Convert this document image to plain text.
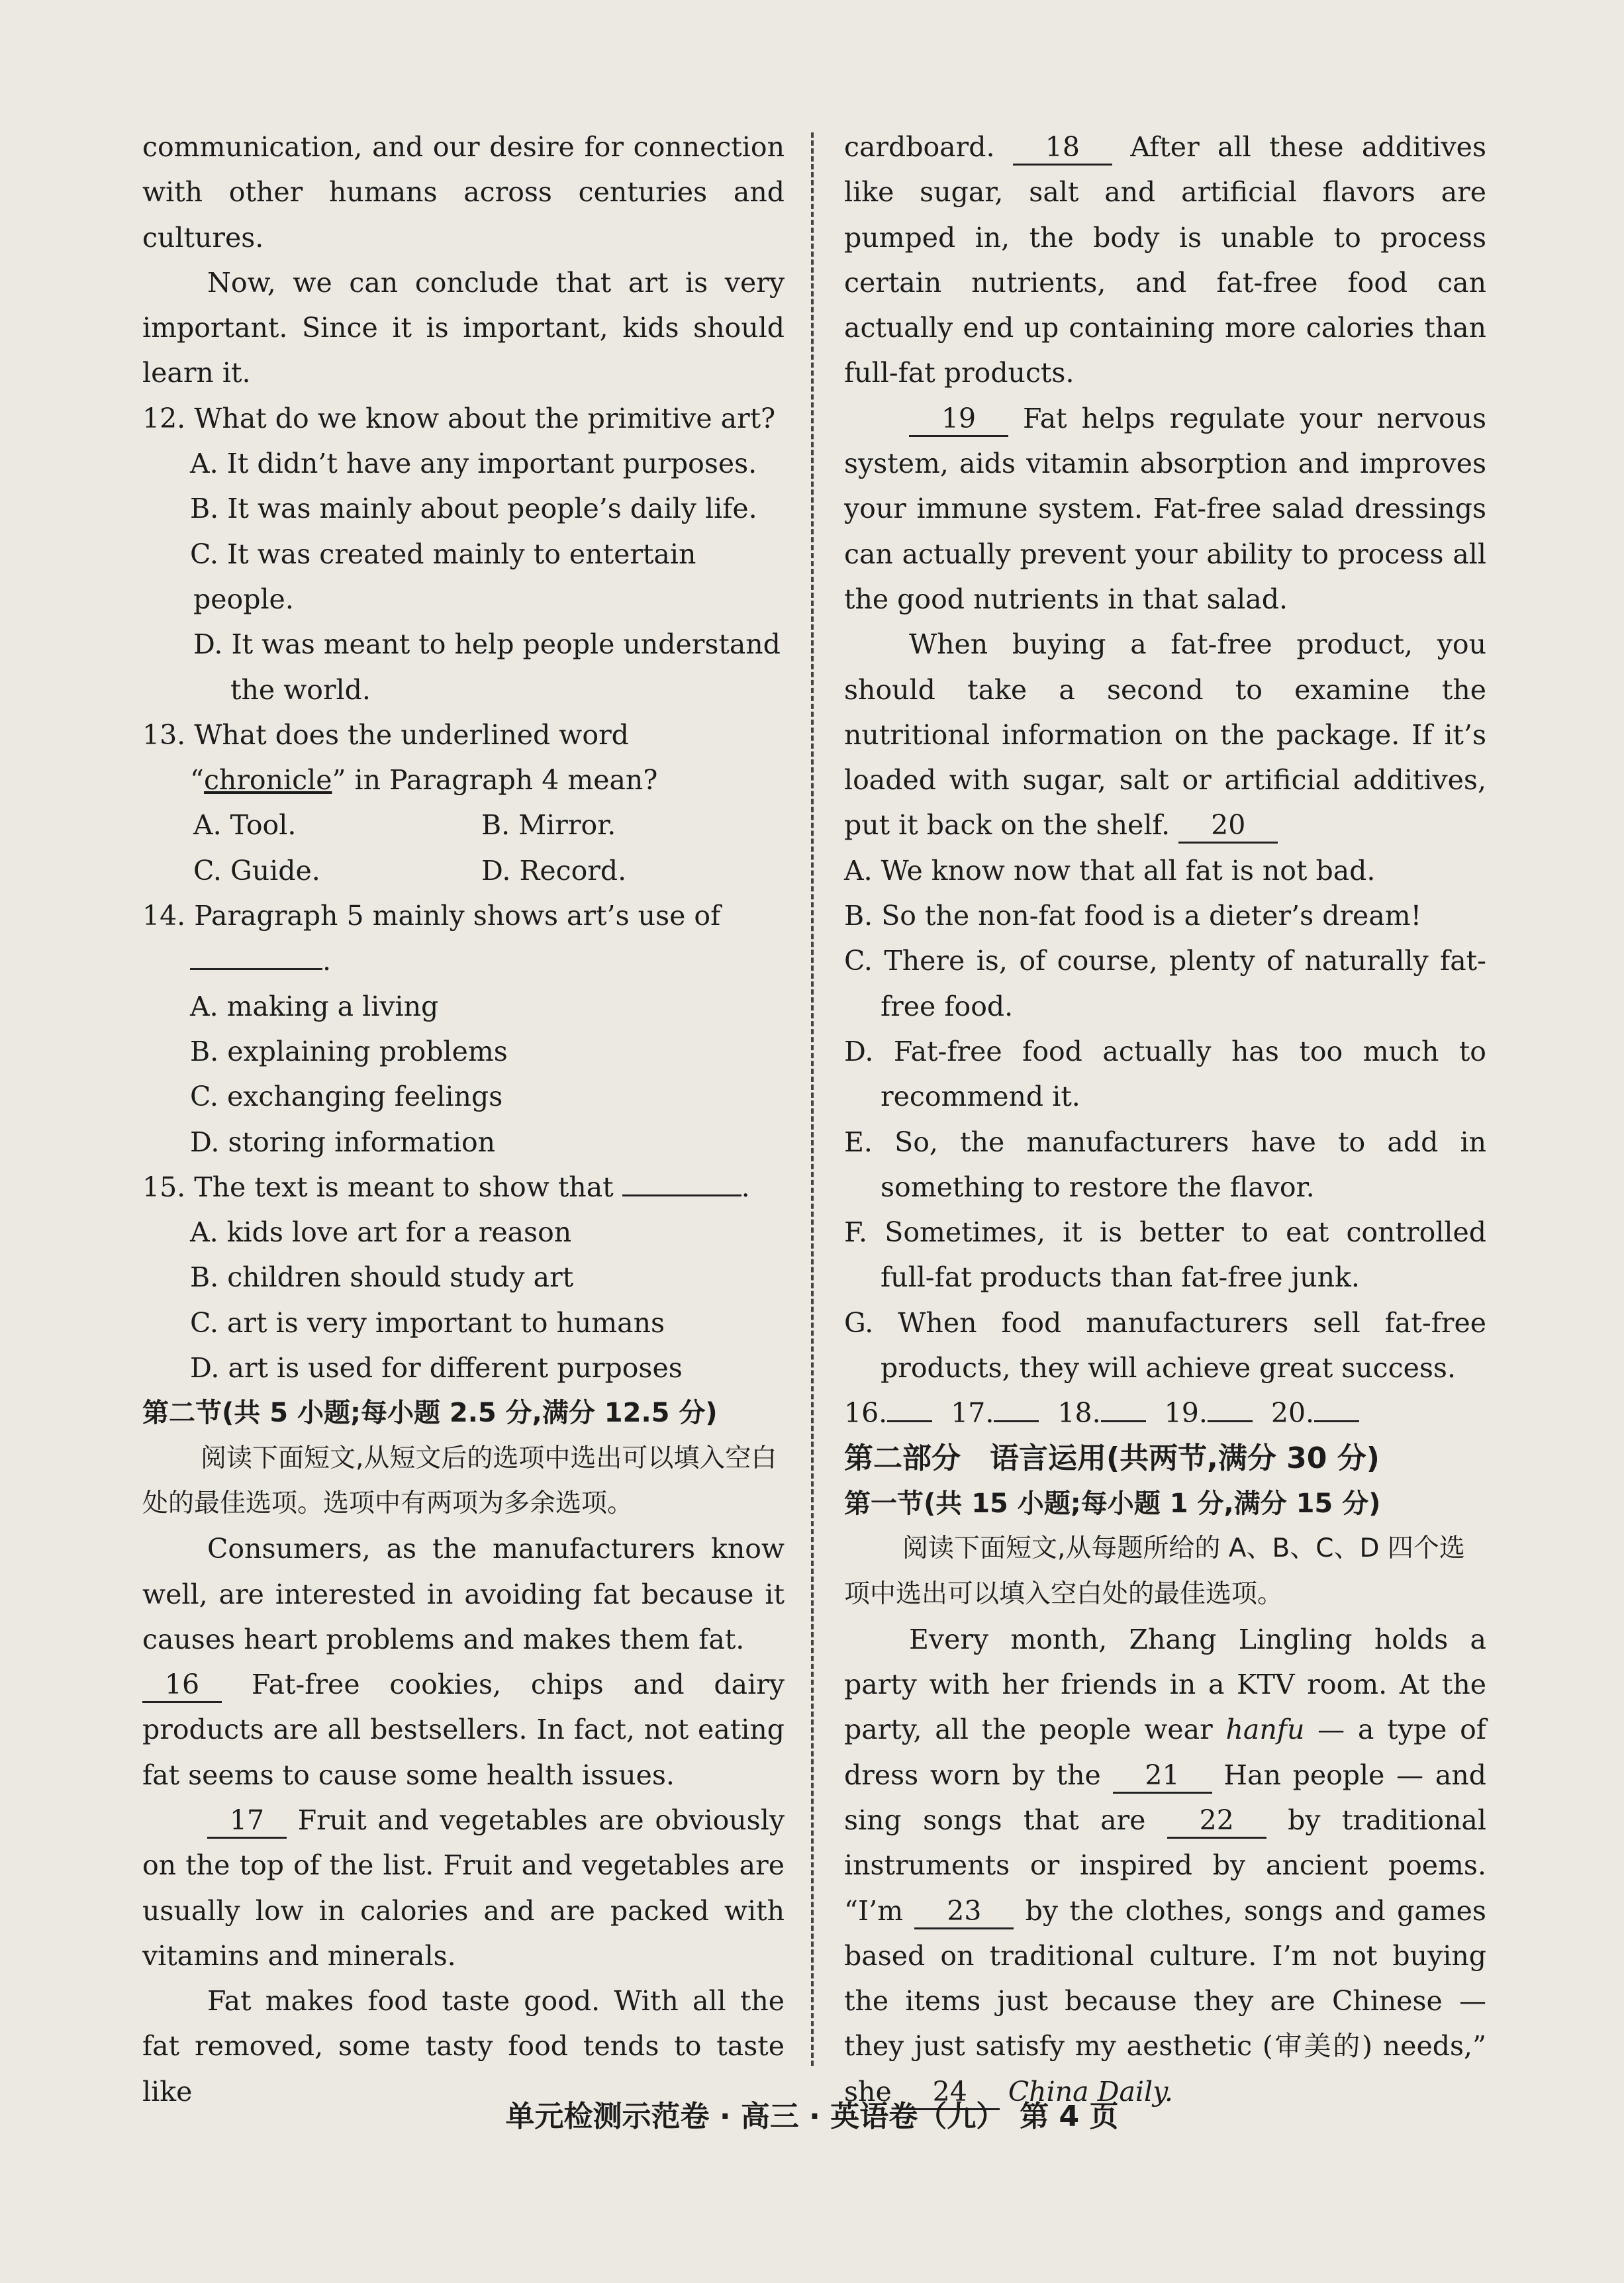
communication, and our desire for connection with other humans across centuries and cultures.

Now, we can conclude that art is very important. Since it is important, kids should learn it.

12. What do we know about the primitive art?

A. It didn’t have any important purposes.

B. It was mainly about people’s daily life.

C. It was created mainly to entertain people.

D. It was meant to help people understand the world.

13. What does the underlined word “chronicle” in Paragraph 4 mean?

A. Tool.	B. Mirror.
C. Guide.	D. Record.

14. Paragraph 5 mainly shows art’s use of
.

A. making a living

B. explaining problems

C. exchanging feelings

D. storing information

15. The text is meant to show that	.

A. kids love art for a reason

B. children should study art

C. art is very important to humans

D. art is used for different purposes

第二节(共 5 小题;每小题 2.5 分,满分 12.5 分)

阅读下面短文,从短文后的选项中选出可以填入空白处的最佳选项。选项中有两项为多余选项。

Consumers, as the manufacturers know well, are interested in avoiding fat because it causes heart problems and makes them fat.

16 Fat-free cookies, chips and dairy products are all bestsellers. In fact, not eating fat seems to cause some health issues.

17 Fruit and vegetables are obviously on the top of the list. Fruit and vegetables are usually low in calories and are packed with vitamins and minerals.

Fat makes food taste good. With all the fat removed, some tasty food tends to taste like

cardboard. 18 After all these additives like sugar, salt and artificial flavors are pumped in, the body is unable to process certain nutrients, and fat-free food can actually end up containing more calories than full-fat products.

19 Fat helps regulate your nervous system, aids vitamin absorption and improves your immune system. Fat-free salad dressings can actually prevent your ability to process all the good nutrients in that salad.

When buying a fat-free product, you should take a second to examine the nutritional information on the package. If it’s loaded with sugar, salt or artificial additives, put it back on the shelf. 20

A. We know now that all fat is not bad.

B. So the non-fat food is a dieter’s dream!

C. There is, of course, plenty of naturally fat-free food.

D. Fat-free food actually has too much to recommend it.

E. So, the manufacturers have to add in something to restore the flavor.

F. Sometimes, it is better to eat controlled full-fat products than fat-free junk.

G. When food manufacturers sell fat-free products, they will achieve great success.

16.	17.	18.	19.	20.

第二部分　语言运用(共两节,满分 30 分)

第一节(共 15 小题;每小题 1 分,满分 15 分)

阅读下面短文,从每题所给的 A、B、C、D 四个选项中选出可以填入空白处的最佳选项。

Every month, Zhang Lingling holds a party with her friends in a KTV room. At the party, all the people wear hanfu — a type of dress worn by the 21 Han people — and sing songs that are 22 by traditional instruments or inspired by ancient poems. “I’m 23 by the clothes, songs and games based on traditional culture. I’m not buying the items just because they are Chinese — they just satisfy my aesthetic (审美的) needs,” she 24 China Daily.

单元检测示范卷 · 高三 · 英语卷（九）　第 4 页
